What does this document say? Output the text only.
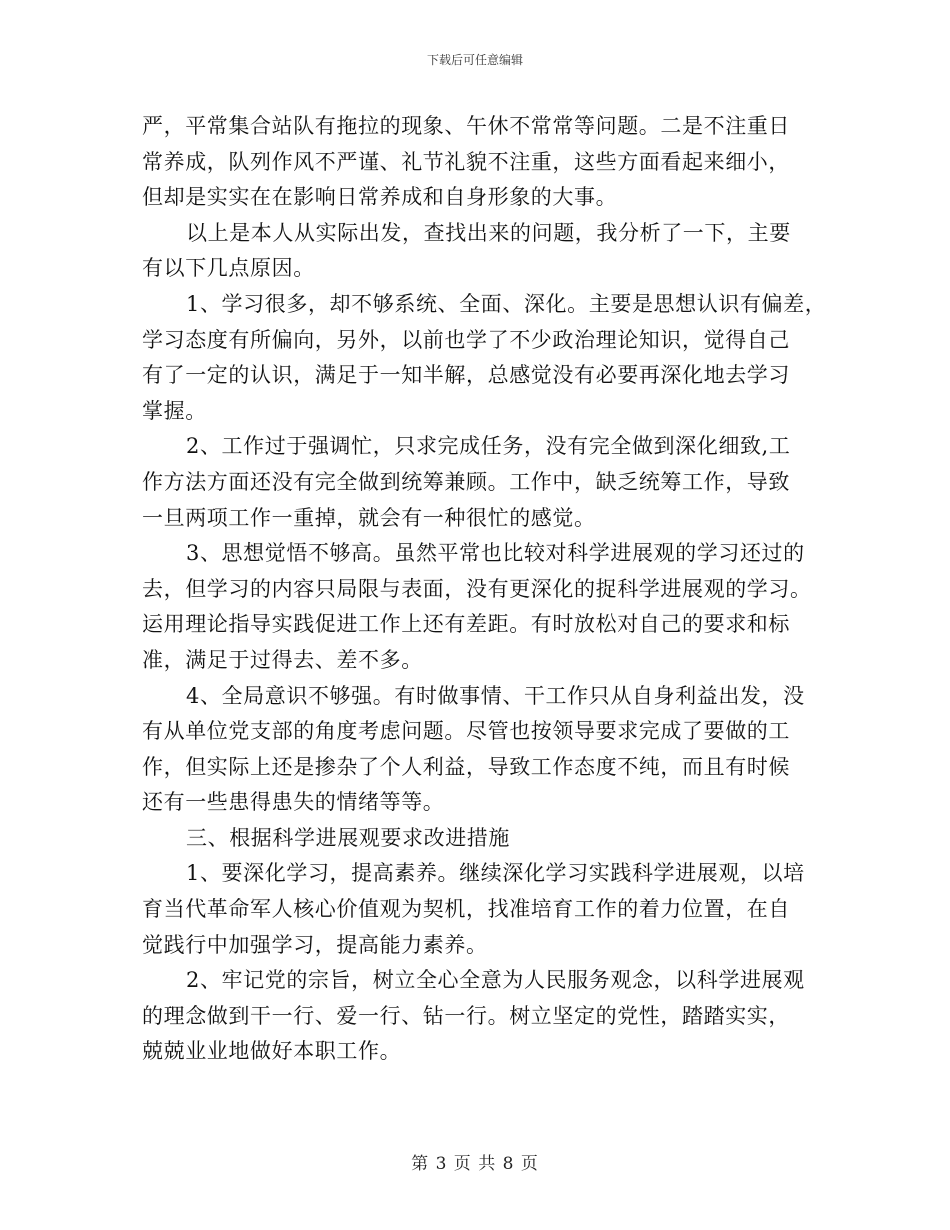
下载后可任意编辑
严，平常集合站队有拖拉的现象、午休不常常等问题。二是不注重日
常养成，队列作风不严谨、礼节礼貌不注重，这些方面看起来细小，
但却是实实在在影响日常养成和自身形象的大事。
以上是本人从实际出发，查找出来的问题，我分析了一下，主要
有以下几点原因。
1、学习很多，却不够系统、全面、深化。主要是思想认识有偏差，
学习态度有所偏向，另外，以前也学了不少政治理论知识，觉得自己
有了一定的认识，满足于一知半解，总感觉没有必要再深化地去学习
掌握。
2、工作过于强调忙，只求完成任务，没有完全做到深化细致,工
作方法方面还没有完全做到统筹兼顾。工作中，缺乏统筹工作，导致
一旦两项工作一重掉，就会有一种很忙的感觉。
3、思想觉悟不够高。虽然平常也比较对科学进展观的学习还过的
去，但学习的内容只局限与表面，没有更深化的捉科学进展观的学习。
运用理论指导实践促进工作上还有差距。有时放松对自己的要求和标
准，满足于过得去、差不多。
4、全局意识不够强。有时做事情、干工作只从自身利益出发，没
有从单位党支部的角度考虑问题。尽管也按领导要求完成了要做的工
作，但实际上还是掺杂了个人利益，导致工作态度不纯，而且有时候
还有一些患得患失的情绪等等。
三、根据科学进展观要求改进措施
1、要深化学习，提高素养。继续深化学习实践科学进展观，以培
育当代革命军人核心价值观为契机，找准培育工作的着力位置，在自
觉践行中加强学习，提高能力素养。
2、牢记党的宗旨，树立全心全意为人民服务观念，以科学进展观
的理念做到干一行、爱一行、钻一行。树立坚定的党性，踏踏实实，
兢兢业业地做好本职工作。
第 3 页 共 8 页
